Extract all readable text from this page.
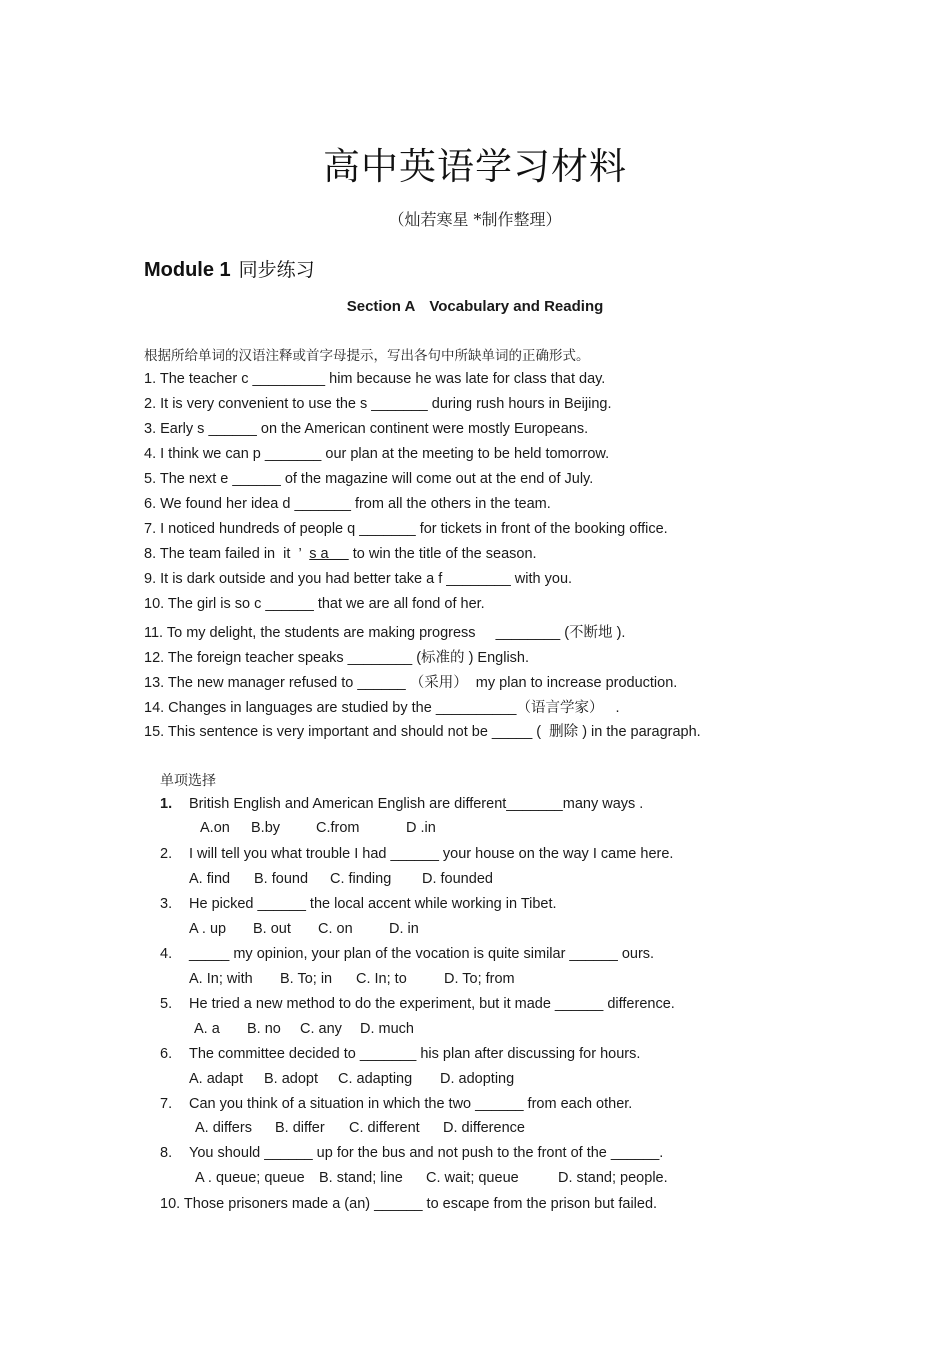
高中英语学习材料
（灿若寒星 *制作整理）
Module 1 同步练习
Section A Vocabulary and Reading
根据所给单词的汉语注释或首字母提示，写出各句中所缺单词的正确形式。
1. The teacher c _________ him because he was late for class that day.
2. It is very convenient to use the s _______ during rush hours in Beijing.
3. Early s ______ on the American continent were mostly Europeans.
4. I think we can p _______ our plan at the meeting to be held tomorrow.
5. The next e ______ of the magazine will come out at the end of July.
6. We found her idea d _______ from all the others in the team.
7. I noticed hundreds of people q _______ for tickets in front of the booking office.
8. The team failed in  it  ’  s a      to win the title of the season.
9. It is dark outside and you had better take a f ________ with you.
10. The girl is so c ______ that we are all fond of her.
11. To my delight, the students are making progress     ________ (不断地 ).
12. The foreign teacher speaks ________ (标准的 ) English.
13. The new manager refused to ______ （采用）  my plan to increase production.
14. Changes in languages are studied by the __________（语言学家）   .
15. This sentence is very important and should not be _____ (  删除 ) in the paragraph.
单项选择
1. British English and American English are different_______many ways .
A.on B.by C.from	D .in
2. I will tell you what trouble I had ______ your house on the way I came here.
A. find B. found C. finding D. founded
3. He picked ______ the local accent while working in Tibet.
A . up B. out C. on	D. in
4. _____ my opinion, your plan of the vocation is quite similar ______ ours.
A. In; with B. To; in C. In; to	D. To; from
5. He tried a new method to do the experiment, but it made ______ difference.
A. a B. no C. any D. much
6. The committee decided to _______ his plan after discussing for hours.
A. adapt B. adopt C. adapting D. adopting
7. Can you think of a situation in which the two ______ from each other.
A. differs B. differ C. different D. difference
8. You should ______ up for the bus and not push to the front of the ______.
A . queue; queue B. stand; line C. wait; queue	D. stand; people.
10. Those prisoners made a (an) ______ to escape from the prison but failed.
